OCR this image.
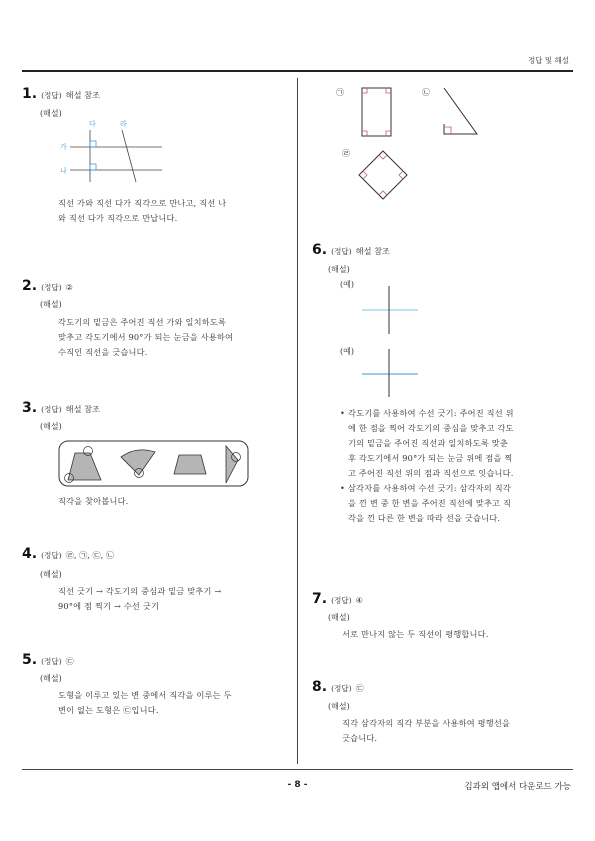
정답 및 해설
1. (정답) 해설 참조
(해설)
다	라
가
나
직선 가와 직선 다가 직각으로 만나고, 직선 나
와 직선 다가 직각으로 만납니다.
2. (정답) ②
(해설)
각도기의 밑금은 주어진 직선 가와 일치하도록
맞추고 각도기에서 90°가 되는 눈금을 사용하여
수직인 직선을 긋습니다.
3. (정답) 해설 참조
(해설)
직각을 찾아봅니다.
4. (정답) ㉣, ㉠, ㉢, ㉡
(해설)
직선 긋기 → 각도기의 중심과 밑금 맞추기 →
90°에 점 찍기 → 수선 긋기
5. (정답) ㉢
(해설)
도형을 이루고 있는 변 중에서 직각을 이루는 두
변이 없는 도형은 ㉢입니다.
㉠	㉡
㉣
6. (정답) 해설 참조
(해설)
(예)
(예)
• 각도기를 사용하여 수선 긋기: 주어진 직선 위
에 한 점을 찍어 각도기의 중심을 맞추고 각도
기의 밑금을 주어진 직선과 일치하도록 맞춘
후 각도기에서 90°가 되는 눈금 위에 점을 찍
고 주어진 직선 위의 점과 직선으로 잇습니다.
• 삼각자를 사용하여 수선 긋기: 삼각자의 직각
을 낀 변 중 한 변을 주어진 직선에 맞추고 직
각을 낀 다른 한 변을 따라 선을 긋습니다.
7. (정답) ④
(해설)
서로 만나지 않는 두 직선이 평행합니다.
8. (정답) ㉢
(해설)
직각 삼각자의 직각 부분을 사용하여 평행선을
긋습니다.
- 8 -	김과외 앱에서 다운로드 가능
